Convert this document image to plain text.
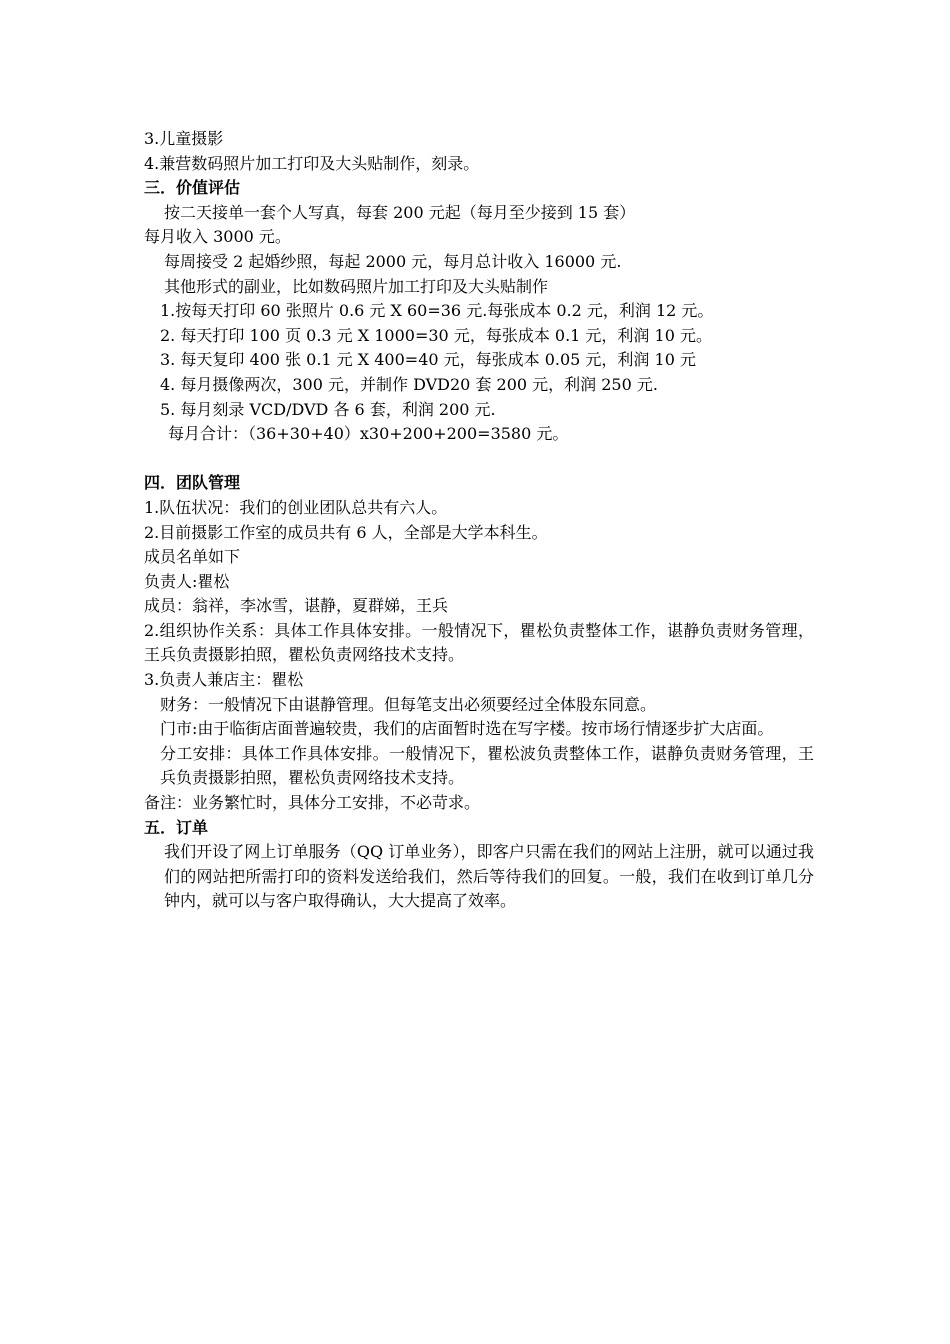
3.儿童摄影
4.兼营数码照片加工打印及大头贴制作，刻录。
三．价值评估
按二天接单一套个人写真，每套 200 元起（每月至少接到 15 套）
每月收入 3000 元。
每周接受 2 起婚纱照，每起 2000 元，每月总计收入 16000 元.
其他形式的副业，比如数码照片加工打印及大头贴制作
1.按每天打印 60 张照片 0.6 元 X 60=36 元.每张成本 0.2 元，利润 12 元。
2. 每天打印 100 页 0.3 元 X 1000=30 元，每张成本 0.1 元，利润 10 元。
3. 每天复印 400 张 0.1 元 X 400=40 元，每张成本 0.05 元，利润 10 元
4. 每月摄像两次，300 元，并制作 DVD20 套 200 元，利润 250 元.
5. 每月刻录 VCD/DVD 各 6 套，利润 200 元.
每月合计：（36+30+40）x30+200+200=3580 元。
四．团队管理
1.队伍状况：我们的创业团队总共有六人。
2.目前摄影工作室的成员共有 6 人，全部是大学本科生。
成员名单如下
负责人:瞿松
成员：翁祥，李冰雪，谌静，夏群娣，王兵
2.组织协作关系：具体工作具体安排。一般情况下，瞿松负责整体工作，谌静负责财务管理，王兵负责摄影拍照，瞿松负责网络技术支持。
3.负责人兼店主：瞿松
财务：一般情况下由谌静管理。但每笔支出必须要经过全体股东同意。
门市:由于临街店面普遍较贵，我们的店面暂时选在写字楼。按市场行情逐步扩大店面。
分工安排：具体工作具体安排。一般情况下，瞿松波负责整体工作，谌静负责财务管理，王兵负责摄影拍照，瞿松负责网络技术支持。
备注：业务繁忙时，具体分工安排，不必苛求。
五．订单
我们开设了网上订单服务（QQ 订单业务），即客户只需在我们的网站上注册，就可以通过我们的网站把所需打印的资料发送给我们，然后等待我们的回复。一般，我们在收到订单几分钟内，就可以与客户取得确认，大大提高了效率。
